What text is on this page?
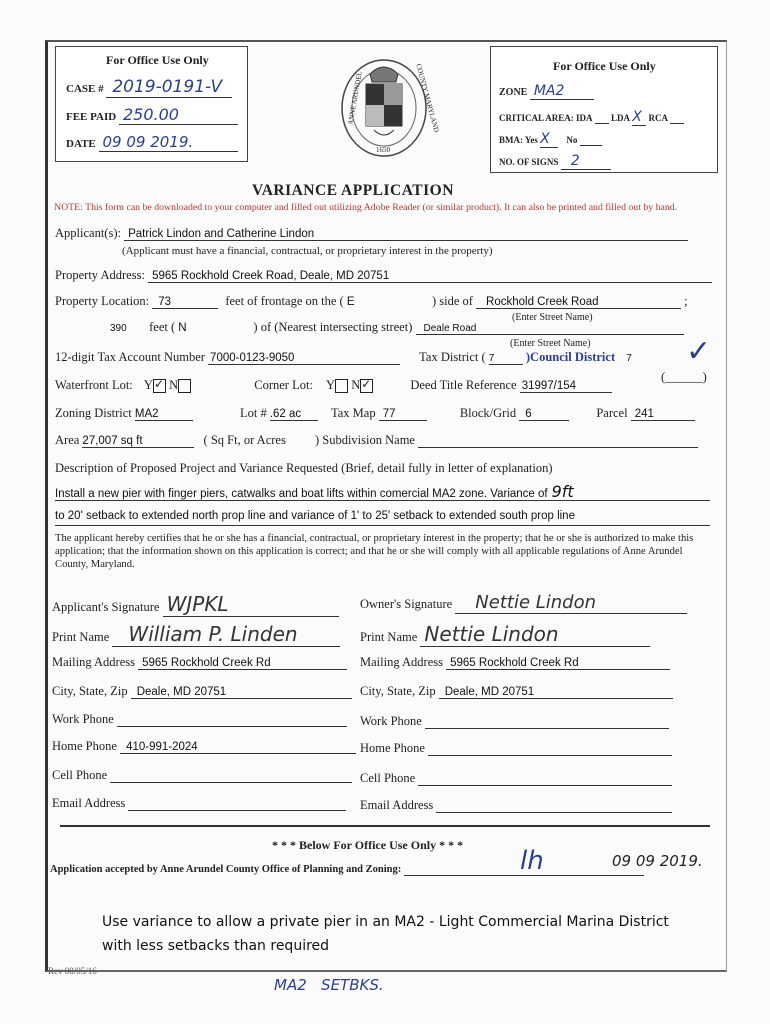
For Office Use Only
CASE # 2019-0191-V
FEE PAID 250.00
DATE 09 09 2019.
ANNE ARUNDEL	COUNTY MARYLAND
1650
For Office Use Only
ZONE MA2
CRITICAL AREA: IDA LDA X RCA
BMA: Yes X No
NO. OF SIGNS 2
VARIANCE APPLICATION
NOTE: This form can be downloaded to your computer and filled out utilizing Adobe Reader (or similar product). It can also be printed and filled out by hand.
Applicant(s): Patrick Lindon and Catherine Lindon
(Applicant must have a financial, contractual, or proprietary interest in the property)
Property Address: 5965 Rockhold Creek Road, Deale, MD 20751
Property Location: 73	feet of frontage on the ( E	) side of Rockhold Creek Road	;
(Enter Street Name)
390 feet ( N	) of (Nearest intersecting street) Deale Road
(Enter Street Name)
12-digit Tax Account Number 7000-0123-9050	Tax District ( 7	)Council District 7 ✓
(______)
Waterfront Lot: Y ✓ N	Corner Lot: Y N ✓	Deed Title Reference 31997/154
Zoning District MA2	Lot # .62 ac Tax Map 77	Block/Grid 6	Parcel 241
Area 27,007 sq ft	( Sq Ft, or Acres ) Subdivision Name
Description of Proposed Project and Variance Requested (Brief, detail fully in letter of explanation)
Install a new pier with finger piers, catwalks and boat lifts within comercial MA2 zone. Variance of 9ft
to 20' setback to extended north prop line and variance of 1' to 25' setback to extended south prop line
The applicant hereby certifies that he or she has a financial, contractual, or proprietary interest in the property; that he or she is authorized to make this application; that the information shown on this application is correct; and that he or she will comply with all applicable regulations of Anne Arundel County, Maryland.
Applicant's Signature WJPKL	Owner's Signature Nettie Lindon
Print Name William P. Linden	Print Name Nettie Lindon
Mailing Address 5965 Rockhold Creek Rd	Mailing Address 5965 Rockhold Creek Rd
City, State, Zip Deale, MD 20751	City, State, Zip Deale, MD 20751
Work Phone	Work Phone
Home Phone 410-991-2024	Home Phone
Cell Phone	Cell Phone
Email Address	Email Address
* * * Below For Office Use Only * * *
Application accepted by Anne Arundel County Office of Planning and Zoning:	lh	09 09 2019.
Use variance to allow a private pier in an MA2 - Light Commercial Marina District
with less setbacks than required
Rev 08/05/16
MA2   SETBKS.
